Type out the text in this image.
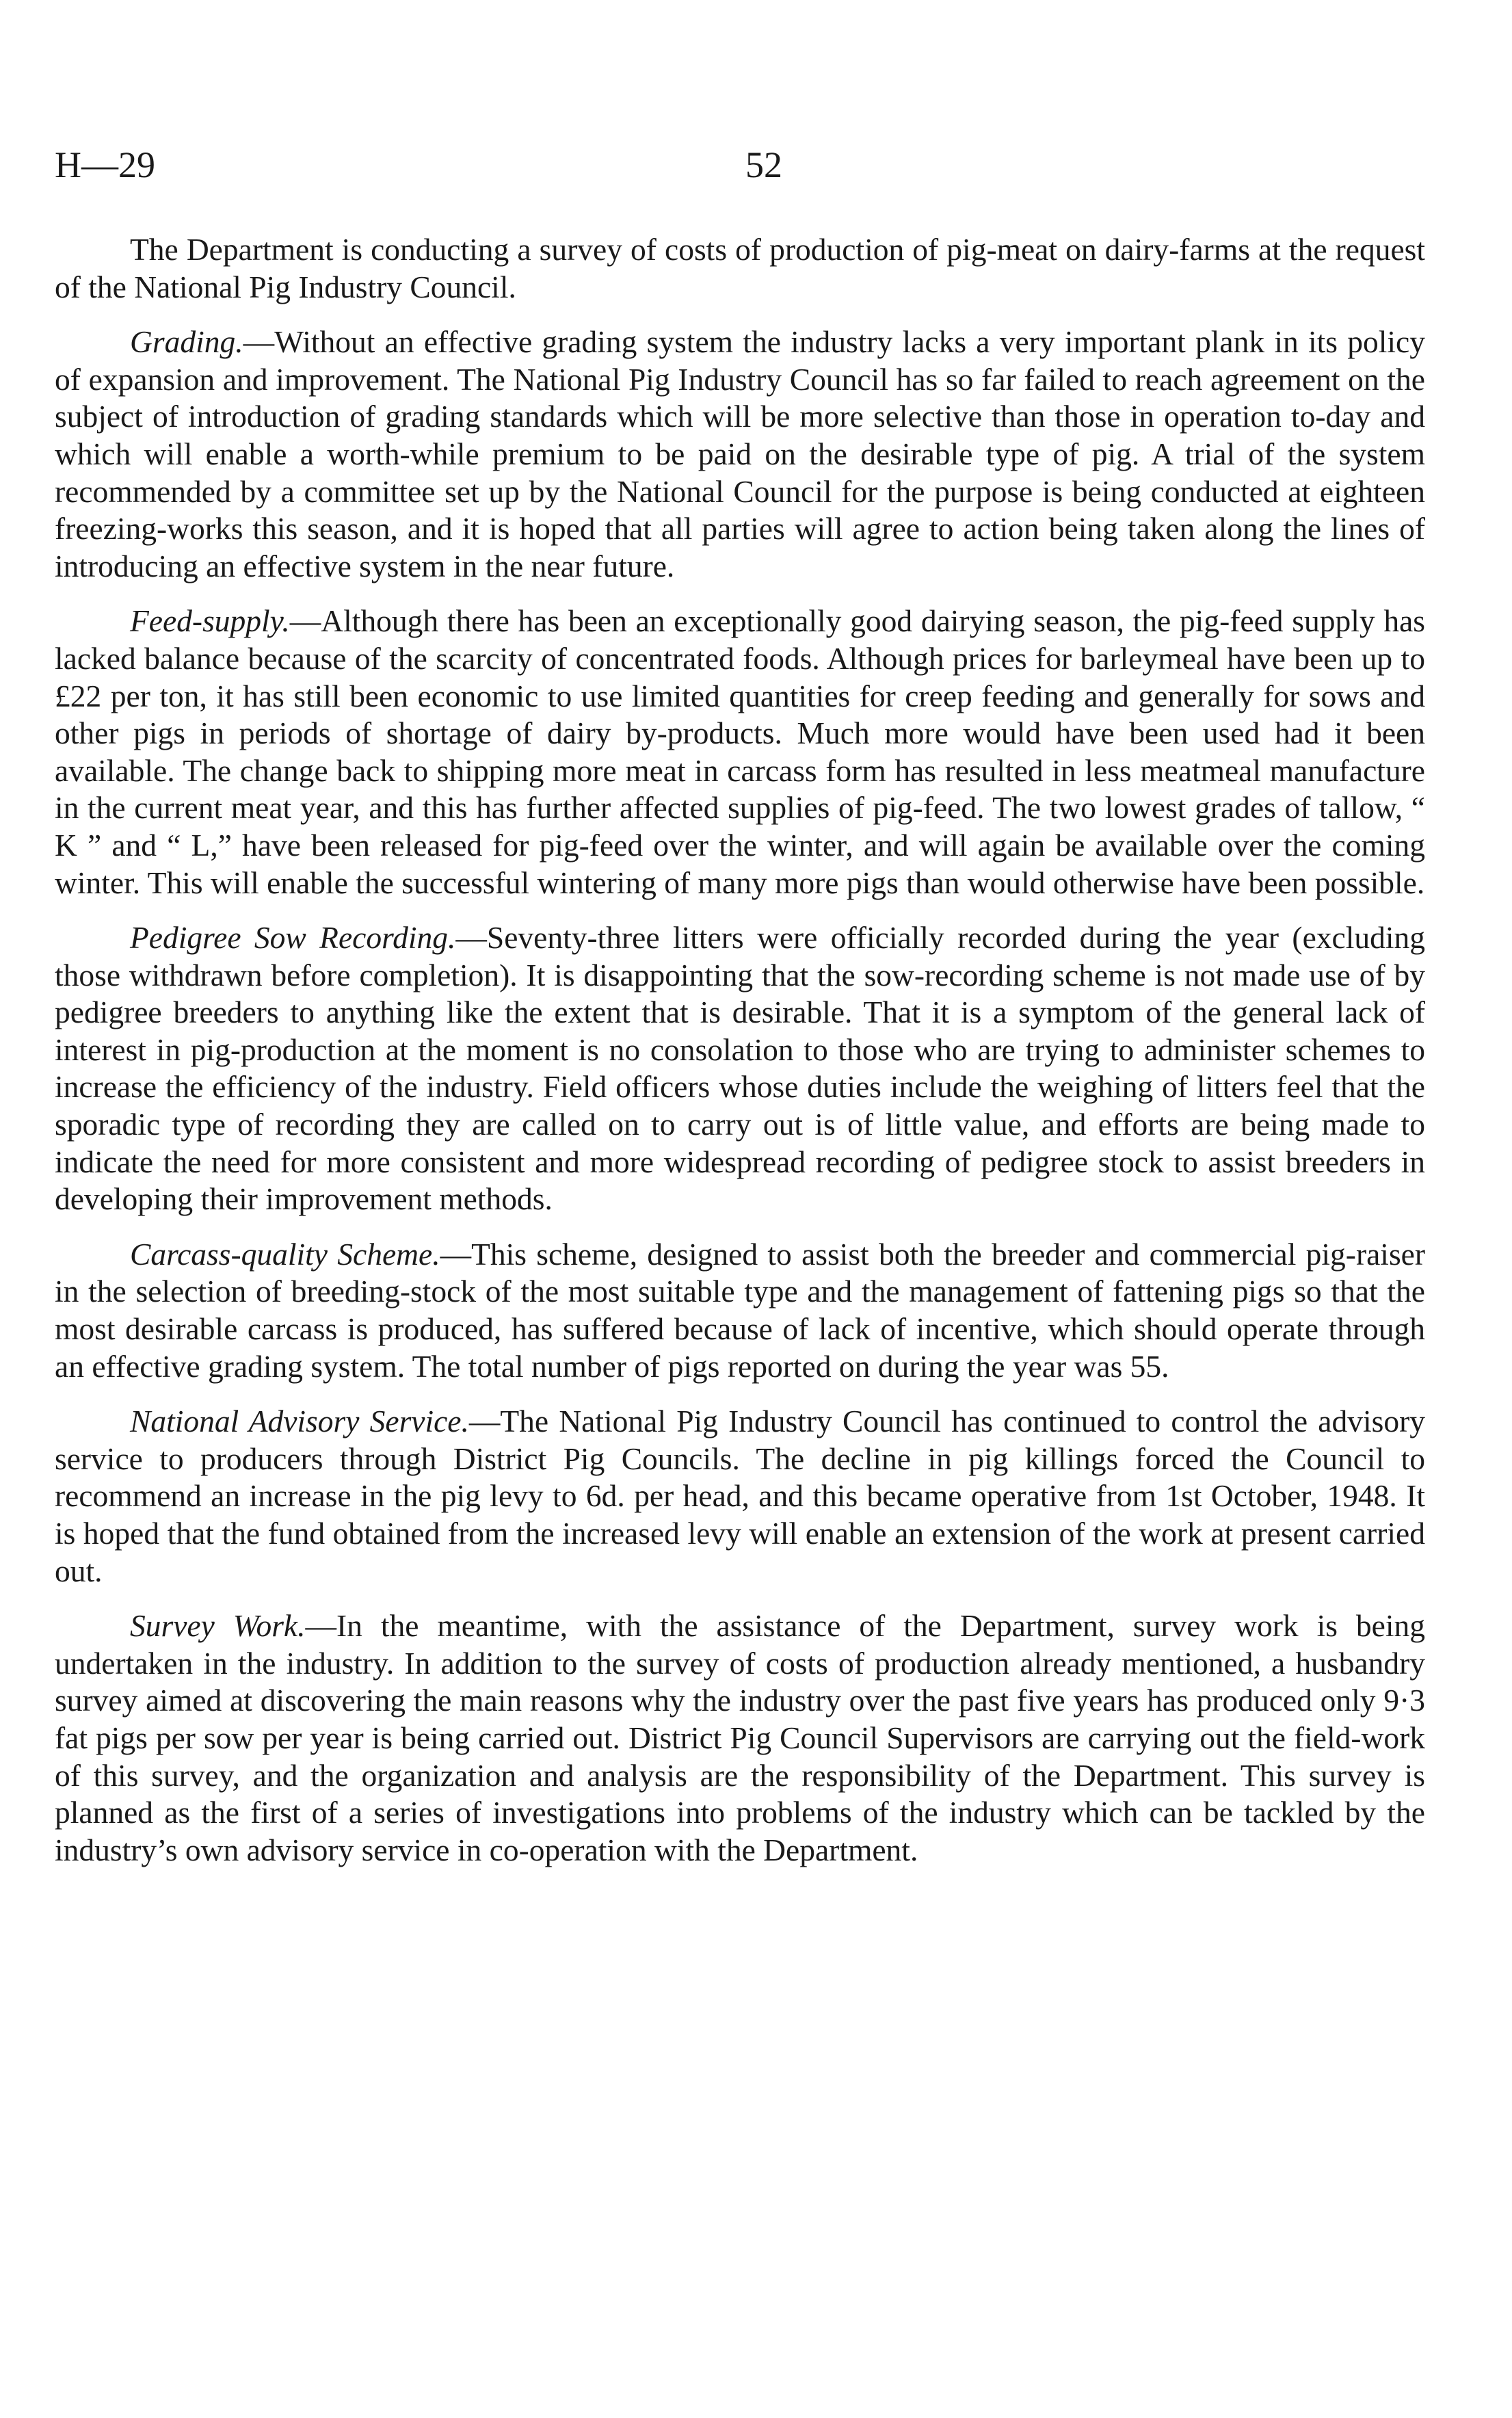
H—29	52

The Department is conducting a survey of costs of production of pig-meat on dairy-farms at the request of the National Pig Industry Council.

Grading.—Without an effective grading system the industry lacks a very important plank in its policy of expansion and improvement. The National Pig Industry Council has so far failed to reach agreement on the subject of introduction of grading standards which will be more selective than those in operation to-day and which will enable a worth-while premium to be paid on the desirable type of pig. A trial of the system recommended by a committee set up by the National Council for the purpose is being conducted at eighteen freezing-works this season, and it is hoped that all parties will agree to action being taken along the lines of introducing an effective system in the near future.

Feed-supply.—Although there has been an exceptionally good dairying season, the pig-feed supply has lacked balance because of the scarcity of concentrated foods. Although prices for barleymeal have been up to £22 per ton, it has still been economic to use limited quantities for creep feeding and generally for sows and other pigs in periods of shortage of dairy by-products. Much more would have been used had it been available. The change back to shipping more meat in carcass form has resulted in less meatmeal manufacture in the current meat year, and this has further affected supplies of pig-feed. The two lowest grades of tallow, “ K ” and “ L,” have been released for pig-feed over the winter, and will again be available over the coming winter. This will enable the successful wintering of many more pigs than would otherwise have been possible.

Pedigree Sow Recording.—Seventy-three litters were officially recorded during the year (excluding those withdrawn before completion). It is disappointing that the sow-recording scheme is not made use of by pedigree breeders to anything like the extent that is desirable. That it is a symptom of the general lack of interest in pig-production at the moment is no consolation to those who are trying to administer schemes to increase the efficiency of the industry. Field officers whose duties include the weighing of litters feel that the sporadic type of recording they are called on to carry out is of little value, and efforts are being made to indicate the need for more consistent and more widespread recording of pedigree stock to assist breeders in developing their improvement methods.

Carcass-quality Scheme.—This scheme, designed to assist both the breeder and commercial pig-raiser in the selection of breeding-stock of the most suitable type and the management of fattening pigs so that the most desirable carcass is produced, has suffered because of lack of incentive, which should operate through an effective grading system. The total number of pigs reported on during the year was 55.

National Advisory Service.—The National Pig Industry Council has continued to control the advisory service to producers through District Pig Councils. The decline in pig killings forced the Council to recommend an increase in the pig levy to 6d. per head, and this became operative from 1st October, 1948. It is hoped that the fund obtained from the increased levy will enable an extension of the work at present carried out.

Survey Work.—In the meantime, with the assistance of the Department, survey work is being undertaken in the industry. In addition to the survey of costs of production already mentioned, a husbandry survey aimed at discovering the main reasons why the industry over the past five years has produced only 9·3 fat pigs per sow per year is being carried out. District Pig Council Supervisors are carrying out the field-work of this survey, and the organization and analysis are the responsibility of the Department. This survey is planned as the first of a series of investigations into problems of the industry which can be tackled by the industry’s own advisory service in co-operation with the Department.
